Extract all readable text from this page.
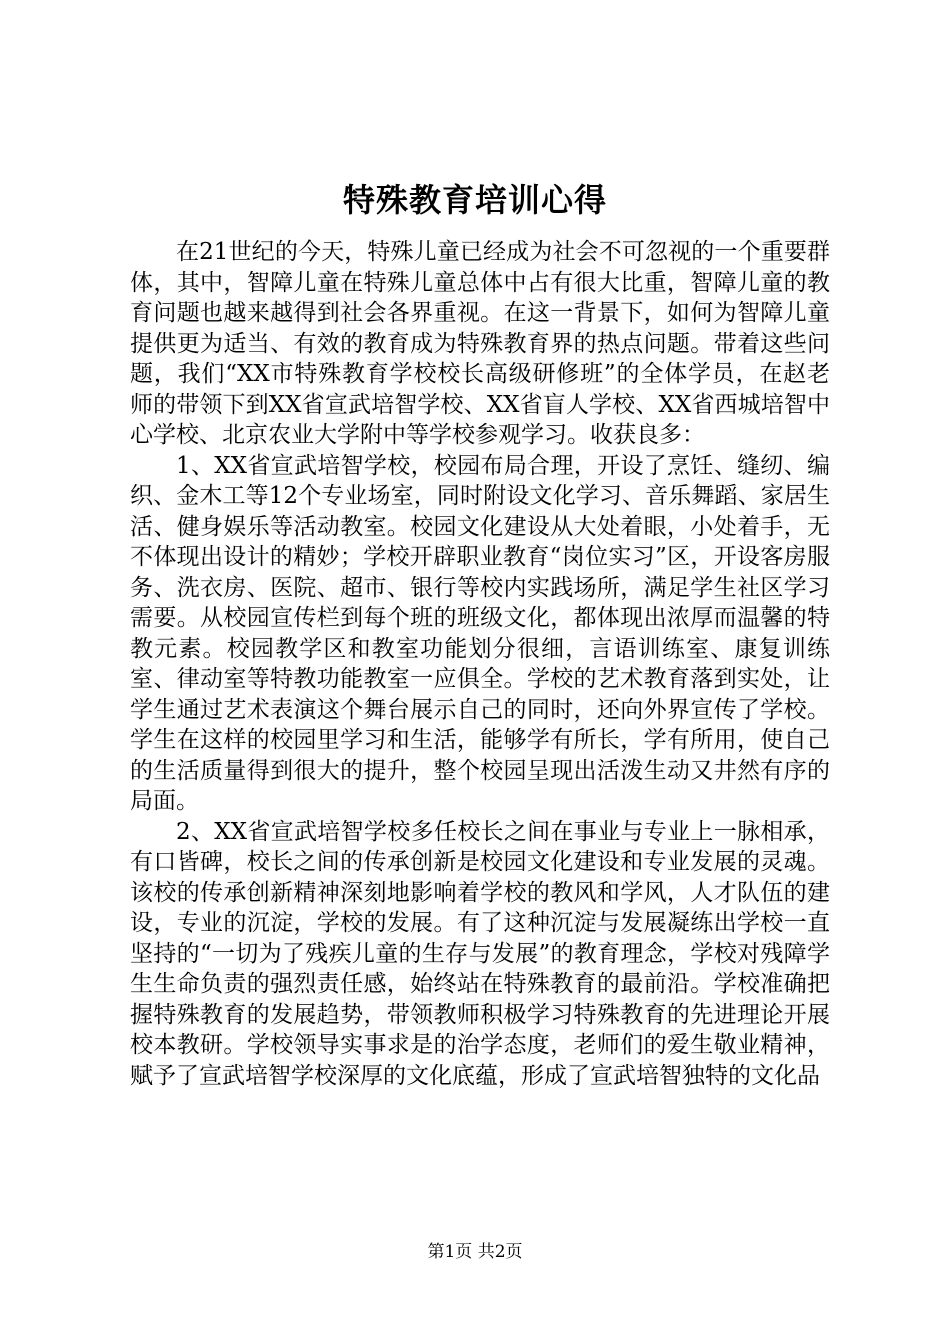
特殊教育培训心得

在21世纪的今天，特殊儿童已经成为社会不可忽视的一个重要群体，其中，智障儿童在特殊儿童总体中占有很大比重，智障儿童的教育问题也越来越得到社会各界重视。在这一背景下，如何为智障儿童提供更为适当、有效的教育成为特殊教育界的热点问题。带着这些问题，我们“XX市特殊教育学校校长高级研修班”的全体学员，在赵老师的带领下到XX省宣武培智学校、XX省盲人学校、XX省西城培智中心学校、北京农业大学附中等学校参观学习。收获良多：

1、XX省宣武培智学校，校园布局合理，开设了烹饪、缝纫、编织、金木工等12个专业场室，同时附设文化学习、音乐舞蹈、家居生活、健身娱乐等活动教室。校园文化建设从大处着眼，小处着手，无不体现出设计的精妙；学校开辟职业教育“岗位实习”区，开设客房服务、洗衣房、医院、超市、银行等校内实践场所，满足学生社区学习需要。从校园宣传栏到每个班的班级文化，都体现出浓厚而温馨的特教元素。校园教学区和教室功能划分很细，言语训练室、康复训练室、律动室等特教功能教室一应俱全。学校的艺术教育落到实处，让学生通过艺术表演这个舞台展示自己的同时，还向外界宣传了学校。学生在这样的校园里学习和生活，能够学有所长，学有所用，使自己的生活质量得到很大的提升，整个校园呈现出活泼生动又井然有序的局面。

2、XX省宣武培智学校多任校长之间在事业与专业上一脉相承，有口皆碑，校长之间的传承创新是校园文化建设和专业发展的灵魂。该校的传承创新精神深刻地影响着学校的教风和学风，人才队伍的建设，专业的沉淀，学校的发展。有了这种沉淀与发展凝练出学校一直坚持的“一切为了残疾儿童的生存与发展”的教育理念，学校对残障学生生命负责的强烈责任感，始终站在特殊教育的最前沿。学校准确把握特殊教育的发展趋势，带领教师积极学习特殊教育的先进理论开展校本教研。学校领导实事求是的治学态度，老师们的爱生敬业精神，赋予了宣武培智学校深厚的文化底蕴，形成了宣武培智独特的文化品

第1页 共2页
